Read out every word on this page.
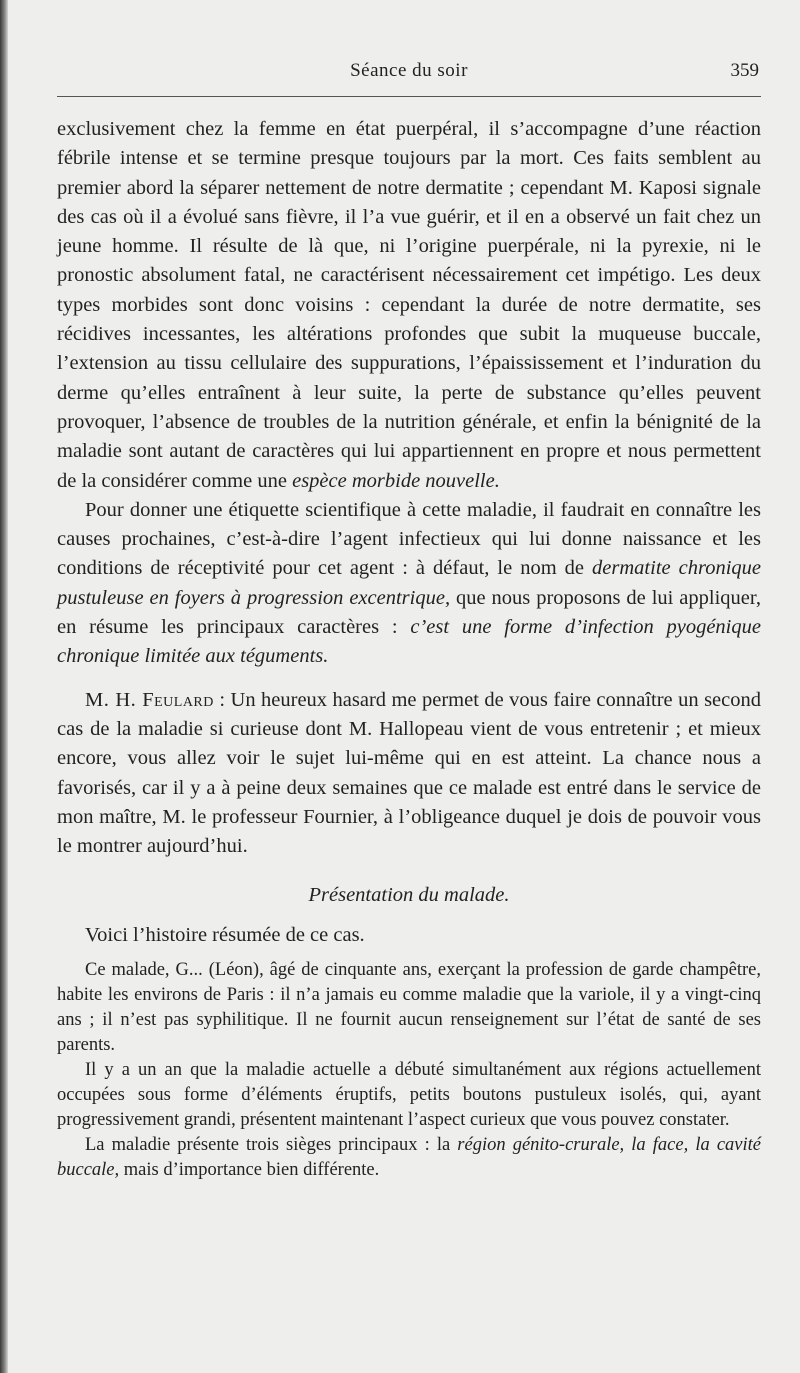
Séance du soir	359

exclusivement chez la femme en état puerpéral, il s’accompagne d’une réaction fébrile intense et se termine presque toujours par la mort. Ces faits semblent au premier abord la séparer nettement de notre dermatite ; cependant M. Kaposi signale des cas où il a évolué sans fièvre, il l’a vue guérir, et il en a observé un fait chez un jeune homme. Il résulte de là que, ni l’origine puerpérale, ni la pyrexie, ni le pronostic absolument fatal, ne caractérisent nécessairement cet impétigo. Les deux types morbides sont donc voisins : cependant la durée de notre dermatite, ses récidives incessantes, les altérations profondes que subit la muqueuse buccale, l’extension au tissu cellulaire des suppurations, l’épaississement et l’induration du derme qu’elles entraînent à leur suite, la perte de substance qu’elles peuvent provoquer, l’absence de troubles de la nutrition générale, et enfin la bénignité de la maladie sont autant de caractères qui lui appartiennent en propre et nous permettent de la considérer comme une espèce morbide nouvelle.

Pour donner une étiquette scientifique à cette maladie, il faudrait en connaître les causes prochaines, c’est-à-dire l’agent infectieux qui lui donne naissance et les conditions de réceptivité pour cet agent : à défaut, le nom de dermatite chronique pustuleuse en foyers à progression excentrique, que nous proposons de lui appliquer, en résume les principaux caractères : c’est une forme d’infection pyogénique chronique limitée aux téguments.

M. H. Feulard : Un heureux hasard me permet de vous faire connaître un second cas de la maladie si curieuse dont M. Hallopeau vient de vous entretenir ; et mieux encore, vous allez voir le sujet lui-même qui en est atteint. La chance nous a favorisés, car il y a à peine deux semaines que ce malade est entré dans le service de mon maître, M. le professeur Fournier, à l’obligeance duquel je dois de pouvoir vous le montrer aujourd’hui.

Présentation du malade.

Voici l’histoire résumée de ce cas.

Ce malade, G... (Léon), âgé de cinquante ans, exerçant la profession de garde champêtre, habite les environs de Paris : il n’a jamais eu comme maladie que la variole, il y a vingt-cinq ans ; il n’est pas syphilitique. Il ne fournit aucun renseignement sur l’état de santé de ses parents.

Il y a un an que la maladie actuelle a débuté simultanément aux régions actuellement occupées sous forme d’éléments éruptifs, petits boutons pustuleux isolés, qui, ayant progressivement grandi, présentent maintenant l’aspect curieux que vous pouvez constater.

La maladie présente trois sièges principaux : la région génito-crurale, la face, la cavité buccale, mais d’importance bien différente.
